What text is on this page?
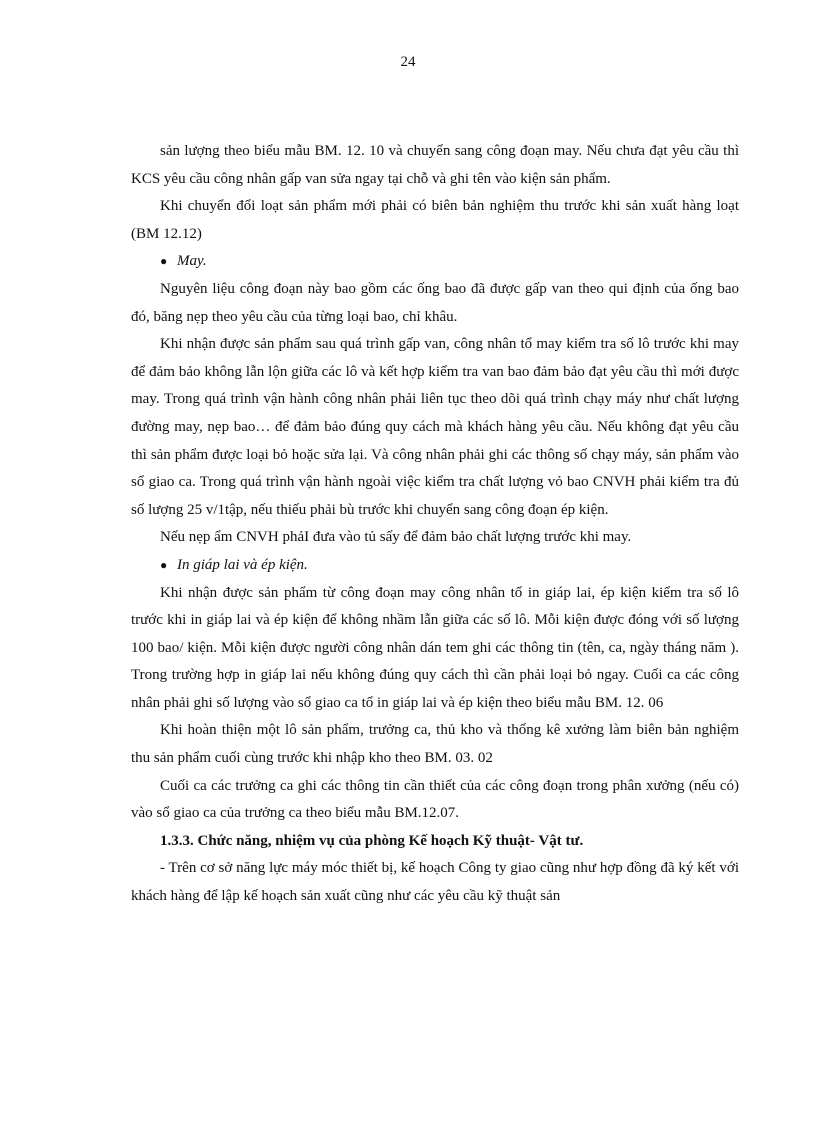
24

sản lượng theo biểu mẫu BM. 12. 10 và chuyển sang công đoạn may. Nếu chưa đạt yêu cầu thì KCS yêu cầu công nhân gấp van sửa ngay tại chỗ và ghi tên vào kiện sản phẩm.

Khi chuyển đổi loạt sản phẩm mới phải có biên bản nghiệm thu trước khi sản xuất hàng loạt (BM 12.12)

● May.

Nguyên liệu công đoạn này bao gồm các ống bao đã được gấp van theo qui định của ống bao đó, băng nẹp theo yêu cầu của từng loại bao, chỉ khâu.

Khi nhận được sản phẩm sau quá trình gấp van, công nhân tổ may kiểm tra số lô trước khi may để đảm bảo không lẫn lộn giữa các lô và kết hợp kiểm tra van bao đảm bảo đạt yêu cầu thì mới được may. Trong quá trình vận hành công nhân phải liên tục theo dõi quá trình chạy máy như chất lượng đường may, nẹp bao… để đảm bảo đúng quy cách mà khách hàng yêu cầu. Nếu không đạt yêu cầu thì sản phẩm được loại bỏ hoặc sửa lại. Và công nhân phải ghi các thông số chạy máy, sản phẩm vào sổ giao ca. Trong quá trình vận hành ngoài việc kiểm tra chất lượng vỏ bao CNVH phải kiểm tra đủ số lượng 25 v/1tập, nếu thiếu phải bù trước khi chuyển sang công đoạn ép kiện.

Nếu nẹp ẩm CNVH phảI đưa vào tủ sấy để đảm bảo chất lượng trước khi may.

● In giáp lai và ép kiện.

Khi nhận được sản phẩm từ công đoạn may công nhân tổ in giáp lai, ép kiện kiểm tra số lô trước khi in giáp lai và ép kiện để không nhầm lẫn giữa các số lô. Mỗi kiện được đóng với số lượng 100 bao/ kiện. Mỗi kiện được người công nhân dán tem ghi các thông tin (tên, ca, ngày tháng năm ). Trong trường hợp in giáp lai nếu không đúng quy cách thì cần phải loại bỏ ngay. Cuối ca các công nhân phải ghi số lượng vào sổ giao ca tổ in giáp lai và ép kiện theo biểu mẫu BM. 12. 06

Khi hoàn thiện một lô sản phẩm, trưởng ca, thủ kho và thống kê xưởng làm biên bản nghiệm thu sản phẩm cuối cùng trước khi nhập kho theo BM. 03. 02

Cuối ca các trưởng ca ghi các thông tin cần thiết của các công đoạn trong phân xưởng (nếu có) vào sổ giao ca của trưởng ca theo biểu mẫu BM.12.07.

1.3.3. Chức năng, nhiệm vụ của phòng Kế hoạch Kỹ thuật- Vật tư.

- Trên cơ sở năng lực máy móc thiết bị, kế hoạch Công ty giao cũng như hợp đồng đã ký kết với khách hàng để lập kế hoạch sản xuất cũng như các yêu cầu kỹ thuật sản
